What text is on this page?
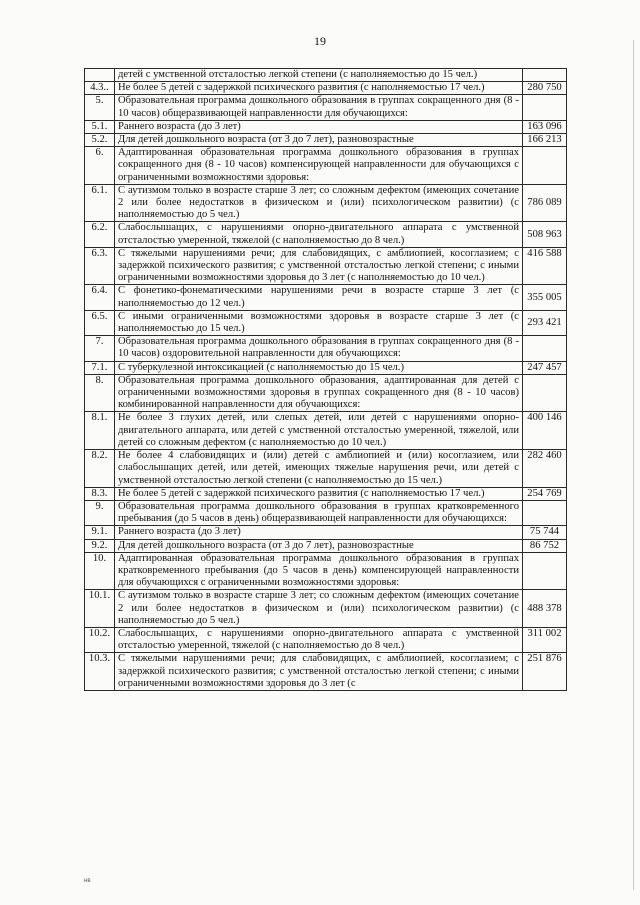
19
	детей с умственной отсталостью легкой степени (с наполняемостью до 15 чел.)	
4.3..	Не более 5 детей с задержкой психического развития (с наполняемостью 17 чел.)	280 750
5.	Образовательная программа дошкольного образования в группах сокращенного дня (8 - 10 часов) общеразвивающей направленности для обучающихся:	
5.1.	Раннего возраста (до 3 лет)	163 096
5.2.	Для детей дошкольного возраста (от 3 до 7 лет), разновозрастные	166 213
6.	Адаптированная образовательная программа дошкольного образования в группах сокращенного дня (8 - 10 часов) компенсирующей направленности для обучающихся с ограниченными возможностями здоровья:	
6.1.	С аутизмом только в возрасте старше 3 лет; со сложным дефектом (имеющих сочетание 2 или более недостатков в физическом и (или) психологическом развитии) (с наполняемостью до 5 чел.)	786 089
6.2.	Слабослышащих, с нарушениями опорно-двигательного аппарата с умственной отсталостью умеренной, тяжелой (с наполняемостью до 8 чел.)	508 963
6.3.	С тяжелыми нарушениями речи; для слабовидящих, с амблиопией, косоглазием; с задержкой психического развития; с умственной отсталостью легкой степени; с иными ограниченными возможностями здоровья до 3 лет (с наполняемостью до 10 чел.)	416 588
6.4.	С фонетико-фонематическими нарушениями речи в возрасте старше 3 лет (с наполняемостью до 12 чел.)	355 005
6.5.	С иными ограниченными возможностями здоровья в возрасте старше 3 лет (с наполняемостью до 15 чел.)	293 421
7.	Образовательная программа дошкольного образования в группах сокращенного дня (8 - 10 часов) оздоровительной направленности для обучающихся:	
7.1.	С туберкулезной интоксикацией (с наполняемостью до 15 чел.)	247 457
8.	Образовательная программа дошкольного образования, адаптированная для детей с ограниченными возможностями здоровья в группах сокращенного дня (8 - 10 часов) комбинированной направленности для обучающихся:	
8.1.	Не более 3 глухих детей, или слепых детей, или детей с нарушениями опорно-двигательного аппарата, или детей с умственной отсталостью умеренной, тяжелой, или детей со сложным дефектом (с наполняемостью до 10 чел.)	400 146
8.2.	Не более 4 слабовидящих и (или) детей с амблиопией и (или) косоглазием, или слабослышащих детей, или детей, имеющих тяжелые нарушения речи, или детей с умственной отсталостью легкой степени (с наполняемостью до 15 чел.)	282 460
8.3.	Не более 5 детей с задержкой психического развития (с наполняемостью 17 чел.)	254 769
9.	Образовательная программа дошкольного образования в группах кратковременного пребывания (до 5 часов в день) общеразвивающей направленности для обучающихся:	
9.1.	Раннего возраста (до 3 лет)	75 744
9.2.	Для детей дошкольного возраста (от 3 до 7 лет), разновозрастные	86 752
10.	Адаптированная образовательная программа дошкольного образования в группах кратковременного пребывания (до 5 часов в день) компенсирующей направленности для обучающихся с ограниченными возможностями здоровья:	
10.1.	С аутизмом только в возрасте старше 3 лет; со сложным дефектом (имеющих сочетание 2 или более недостатков в физическом и (или) психологическом развитии) (с наполняемостью до 5 чел.)	488 378
10.2.	Слабослышащих, с нарушениями опорно-двигательного аппарата с умственной отсталостью умеренной, тяжелой (с наполняемостью до 8 чел.)	311 002
10.3.	С тяжелыми нарушениями речи; для слабовидящих, с амблиопией, косоглазием; с задержкой психического развития; с умственной отсталостью легкой степени; с иными ограниченными возможностями здоровья до 3 лет (с	251 876
нв
